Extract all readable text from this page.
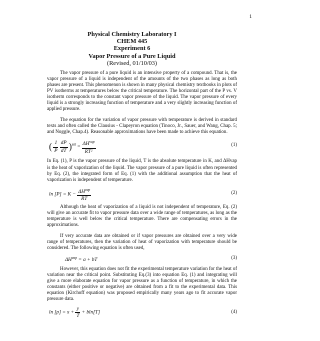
1
Physical Chemistry Laboratory I
CHEM 445
Experiment 6
Vapor Pressure of a Pure Liquid
(Revised, 01/10/03)

The vapor pressure of a pure liquid is an intensive property of a compound. That is, the vapor pressure of a liquid is independent of the amounts of the two phases as long as both phases are present. This phenomenon is shown in many physical chemistry textbooks in plots of PV isotherms at temperatures below the critical temperature. The horizontal part of the P vs. V isotherm corresponds to the constant vapor pressure of the liquid. The vapor pressure of every liquid is a strongly increasing function of temperature and a very slightly increasing function of applied pressure.

The equation for the variation of vapor pressure with temperature is derived in standard texts and often called the Clausius - Clapeyron equation (Tinoco, Jr., Sauer, and Wang, Chap. 5; and Noggle, Chap.4). Reasonable approximations have been made to achieve this equation.

( $\frac{1}{P}$
$\frac{dP}{dT} )^{sat} = \frac{\Delta H^{vap}}{\text{RT²}}$	(1)

In Eq. (1), P is the vapor pressure of the liquid, T is the absolute temperature in K, and ΔHvap is the heat of vaporization of the liquid. The vapor pressure of a pure liquid is often represented by Eq. (2), the integrated form of Eq. (1) with the additional assumption that the heat of vaporization is independent of temperature.

$\ln [P] = K - \frac{\Delta H^{vap}}{RT}$	(2)

Although the heat of vaporization of a liquid is not independent of temperature, Eq. (2) will give an accurate fit to vapor pressure data over a wide range of temperatures, as long as the temperature is well below the critical temperature. There are compensating errors in the approximations.

If very accurate data are obtained or if vapor pressures are obtained over a very wide range of temperatures, then the variation of heat of vaporization with temperature should be considered. The following equation is often used,

$\Delta H^{vap} = a$ + bT	(3)

However, this equation does not fit the experimental temperature variation for the heat of variation near the critical point. Substituting Eq.(3) into equation Eq. (1) and integrating will give a more elaborate equation for vapor pressure as a function of temperature, in which the constants (either positive or negative) are obtained from a fit to the experimental data. This equation (Kirchoff equation) was proposed empirically many years ago to fit accurate vapor pressure data.

$\ln [p] = x + \frac{y}{T} + bln[T]$	(4)
